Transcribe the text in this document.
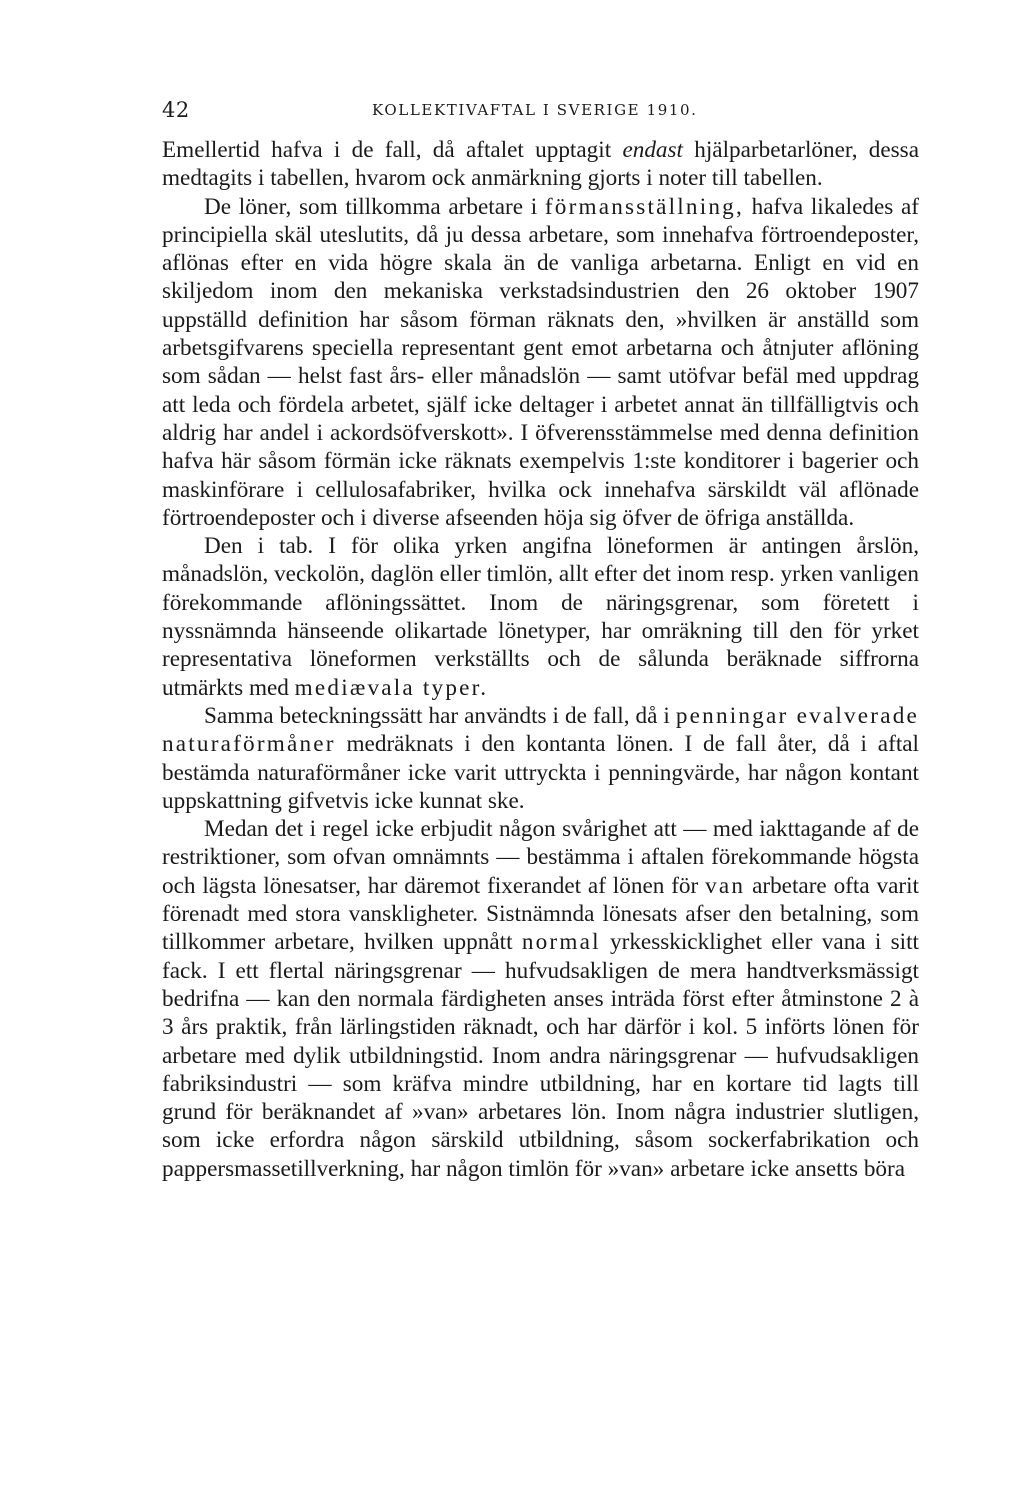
42	KOLLEKTIVAFTAL I SVERIGE 1910.

Emellertid hafva i de fall, då aftalet upptagit endast hjälparbetarlöner, dessa medtagits i tabellen, hvarom ock anmärkning gjorts i noter till tabellen.

De löner, som tillkomma arbetare i förmansställning, hafva likaledes af principiella skäl uteslutits, då ju dessa arbetare, som innehafva förtroendeposter, aflönas efter en vida högre skala än de vanliga arbetarna. Enligt en vid en skiljedom inom den mekaniska verkstadsindustrien den 26 oktober 1907 uppställd definition har såsom förman räknats den, »hvilken är anställd som arbetsgifvarens speciella representant gent emot arbetarna och åtnjuter aflöning som sådan — helst fast års- eller månadslön — samt utöfvar befäl med uppdrag att leda och fördela arbetet, själf icke deltager i arbetet annat än tillfälligtvis och aldrig har andel i ackordsöfverskott». I öfverensstämmelse med denna definition hafva här såsom förmän icke räknats exempelvis 1:ste konditorer i bagerier och maskinförare i cellulosafabriker, hvilka ock innehafva särskildt väl aflönade förtroendeposter och i diverse afseenden höja sig öfver de öfriga anställda.

Den i tab. I för olika yrken angifna löneformen är antingen årslön, månadslön, veckolön, daglön eller timlön, allt efter det inom resp. yrken vanligen förekommande aflöningssättet. Inom de näringsgrenar, som företett i nyssnämnda hänseende olikartade lönetyper, har omräkning till den för yrket representativa löneformen verkställts och de sålunda beräknade siffrorna utmärkts med mediævala typer.

Samma beteckningssätt har användts i de fall, då i penningar evalverade naturaförmåner medräknats i den kontanta lönen. I de fall åter, då i aftal bestämda naturaförmåner icke varit uttryckta i penningvärde, har någon kontant uppskattning gifvetvis icke kunnat ske.

Medan det i regel icke erbjudit någon svårighet att — med iakttagande af de restriktioner, som ofvan omnämnts — bestämma i aftalen förekommande högsta och lägsta lönesatser, har däremot fixerandet af lönen för van arbetare ofta varit förenadt med stora vanskligheter. Sistnämnda lönesats afser den betalning, som tillkommer arbetare, hvilken uppnått normal yrkesskicklighet eller vana i sitt fack. I ett flertal näringsgrenar — hufvudsakligen de mera handtverksmässigt bedrifna — kan den normala färdigheten anses inträda först efter åtminstone 2 à 3 års praktik, från lärlingstiden räknadt, och har därför i kol. 5 införts lönen för arbetare med dylik utbildningstid. Inom andra näringsgrenar — hufvudsakligen fabriksindustri — som kräfva mindre utbildning, har en kortare tid lagts till grund för beräknandet af »van» arbetares lön. Inom några industrier slutligen, som icke erfordra någon särskild utbildning, såsom sockerfabrikation och pappersmassetillverkning, har någon timlön för »van» arbetare icke ansetts böra
